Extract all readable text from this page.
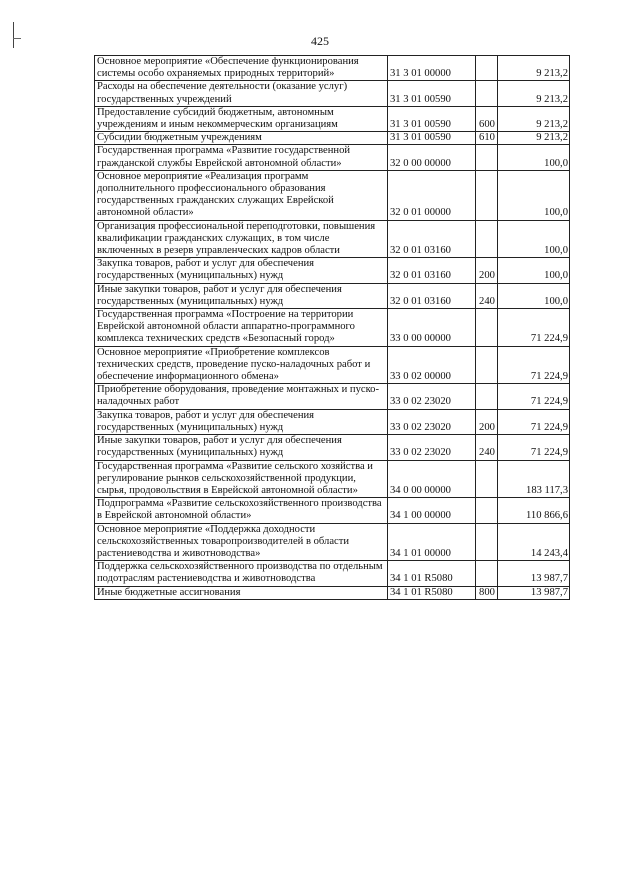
425
Основное мероприятие «Обеспечение функционирования системы особо охраняемых природных территорий»	31 3 01 00000		9 213,2
Расходы на обеспечение деятельности (оказание услуг) государственных учреждений	31 3 01 00590		9 213,2
Предоставление субсидий бюджетным, автономным учреждениям и иным некоммерческим организациям	31 3 01 00590	600	9 213,2
Субсидии бюджетным учреждениям	31 3 01 00590	610	9 213,2
Государственная программа «Развитие государственной гражданской службы Еврейской автономной области»	32 0 00 00000		100,0
Основное мероприятие «Реализация программ дополнительного профессионального образования государственных гражданских служащих Еврейской автономной области»	32 0 01 00000		100,0
Организация профессиональной переподготовки, повышения квалификации гражданских служащих, в том числе включенных в резерв управленческих кадров области	32 0 01 03160		100,0
Закупка товаров, работ и услуг для обеспечения государственных (муниципальных) нужд	32 0 01 03160	200	100,0
Иные закупки товаров, работ и услуг для обеспечения государственных (муниципальных) нужд	32 0 01 03160	240	100,0
Государственная программа «Построение на территории Еврейской автономной области аппаратно-программного комплекса технических средств «Безопасный город»	33 0 00 00000		71 224,9
Основное мероприятие «Приобретение комплексов технических средств, проведение пуско-наладочных работ и обеспечение информационного обмена»	33 0 02 00000		71 224,9
Приобретение оборудования, проведение монтажных и пуско-наладочных работ	33 0 02 23020		71 224,9
Закупка товаров, работ и услуг для обеспечения государственных (муниципальных) нужд	33 0 02 23020	200	71 224,9
Иные закупки товаров, работ и услуг для обеспечения государственных (муниципальных) нужд	33 0 02 23020	240	71 224,9
Государственная программа «Развитие сельского хозяйства и регулирование рынков сельскохозяйственной продукции, сырья, продовольствия в Еврейской автономной области»	34 0 00 00000		183 117,3
Подпрограмма «Развитие сельскохозяйственного производства в Еврейской автономной области»	34 1 00 00000		110 866,6
Основное мероприятие «Поддержка доходности сельскохозяйственных товаропроизводителей в области растениеводства и животноводства»	34 1 01 00000		14 243,4
Поддержка сельскохозяйственного производства по отдельным подотраслям растениеводства и животноводства	34 1 01 R5080		13 987,7
Иные бюджетные ассигнования	34 1 01 R5080	800	13 987,7
